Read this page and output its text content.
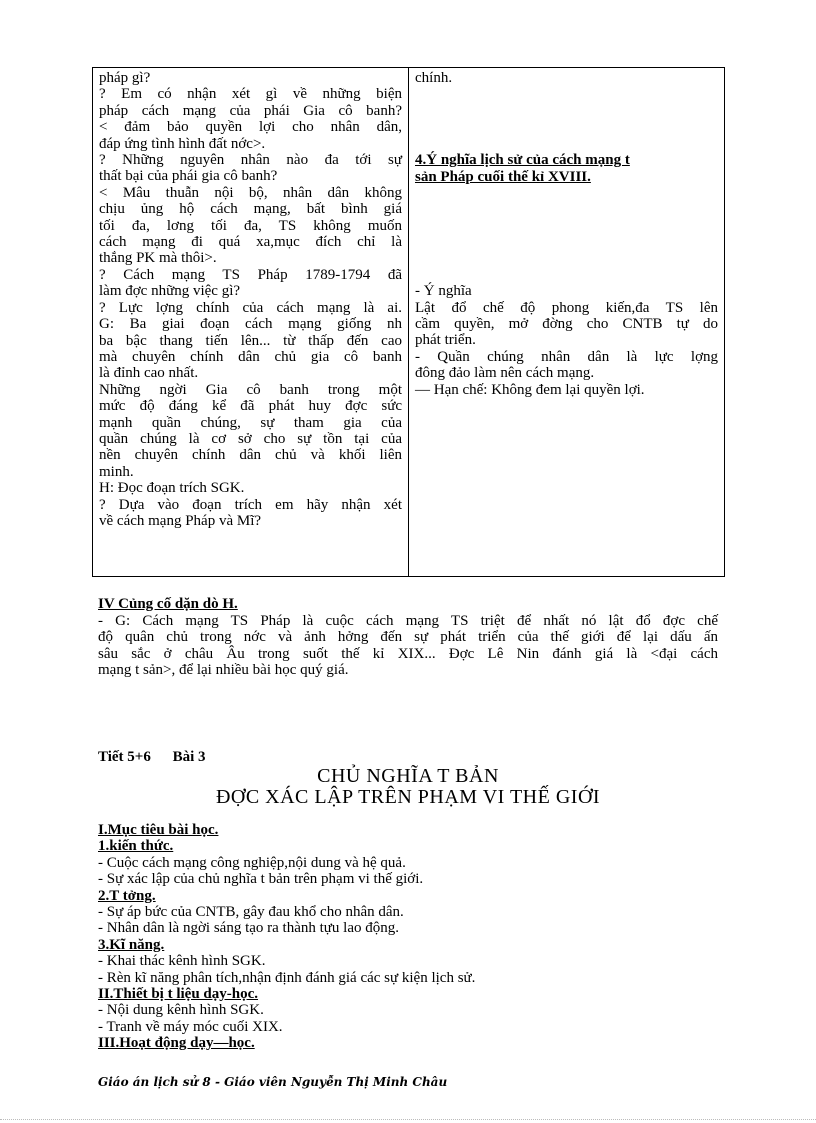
pháp gì?
? Em có nhận xét gì về những biện
pháp cách mạng của phái Gia cô banh?
< đảm bảo quyền lợi cho nhân dân,
đáp ứng tình hình đất nớc>.
? Những nguyên nhân nào đa tới sự
thất bại của phái gia cô banh?
< Mâu thuẫn nội bộ, nhân dân không
chịu ủng hộ cách mạng, bất bình giá
tối đa, lơng tối đa, TS không muốn
cách mạng đi quá xa,mục đích chỉ là
thắng PK mà thôi>.
? Cách mạng TS Pháp 1789-1794 đã
làm đợc những việc gì?
? Lực lợng chính của cách mạng là ai.
G: Ba giai đoạn cách mạng giống nh
ba bậc thang tiến lên... từ thấp đến cao
mà chuyên chính dân chủ gia cô banh
là đỉnh cao nhất.
Những ngời Gia cô banh trong một
mức độ đáng kể đã phát huy đợc sức
mạnh quần chúng, sự tham gia của
quần chúng là cơ sở cho sự tồn tại của
nền chuyên chính dân chủ và khối liên
minh.
H: Đọc đoạn trích SGK.
? Dựa vào đoạn trích em hãy nhận xét
về cách mạng Pháp và Mĩ?
chính.
4.Ý nghĩa lịch sử của cách mạng t
sản Pháp cuối thế kỉ XVIII.
- Ý nghĩa
Lật đổ chế độ phong kiến,đa TS lên
cầm quyền, mở đờng cho CNTB tự do
phát triển.
- Quần chúng nhân dân là lực lợng
đông đảo làm nên cách mạng.
— Hạn chế: Không đem lại quyền lợi.
IV Củng cố dặn dò H.
- G: Cách mạng TS Pháp là cuộc cách mạng TS triệt để nhất nó lật đổ đợc chế
độ quân chủ trong nớc và ảnh hởng đến sự phát triển của thế giới để lại dấu ấn
sâu sắc ở châu Âu trong suốt thế kỉ XIX... Đợc Lê Nin đánh giá là <đại cách
mạng t sản>, để lại nhiều bài học quý giá.
Tiết 5+6 Bài 3
CHỦ NGHĨA T BẢN
ĐỢC XÁC LẬP TRÊN PHẠM VI THẾ GIỚI
I.Mục tiêu bài học.
1.kiến thức.
- Cuộc cách mạng công nghiệp,nội dung và hệ quả.
- Sự xác lập của chủ nghĩa t bản trên phạm vi thế giới.
2.T tởng.
- Sự áp bức của CNTB, gây đau khổ cho nhân dân.
- Nhân dân là ngời sáng tạo ra thành tựu lao động.
3.Kĩ năng.
- Khai thác kênh hình SGK.
- Rèn kĩ năng phân tích,nhận định đánh giá các sự kiện lịch sử.
II.Thiết bị t liệu dạy-học.
- Nội dung kênh hình SGK.
- Tranh về máy móc cuối XIX.
III.Hoạt động dạy—học.
Giáo án lịch sử 8 - Giáo viên Nguyễn Thị Minh Châu
